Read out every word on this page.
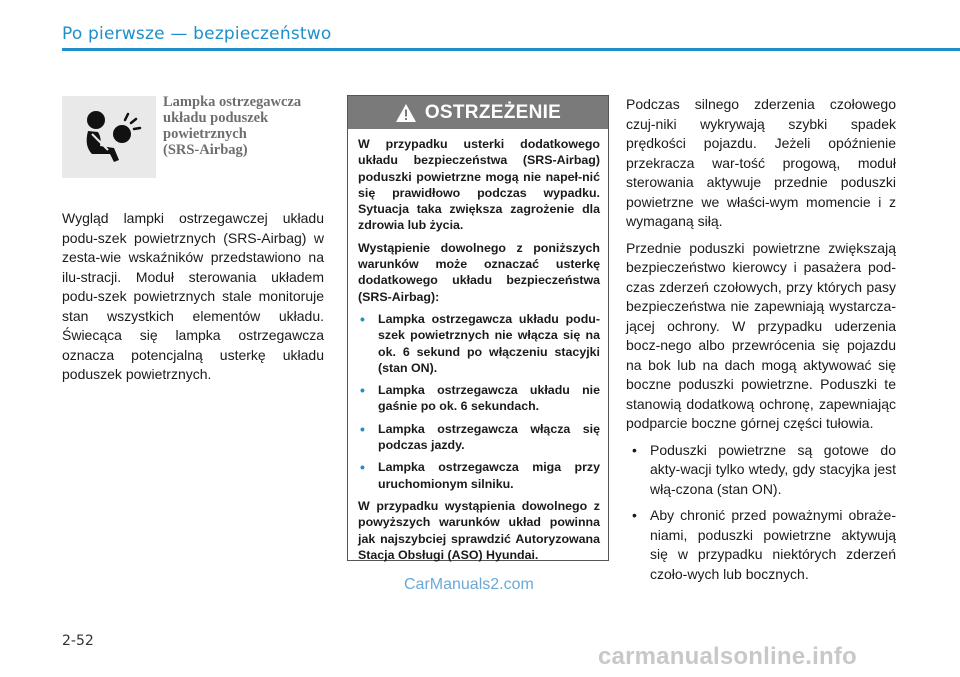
Po pierwsze — bezpieczeństwo
Lampka ostrzegawcza
układu poduszek
powietrznych
(SRS-Airbag)

Wygląd lampki ostrzegawczej układu podu-szek powietrznych (SRS-Airbag) w zesta-wie wskaźników przedstawiono na ilu-stracji. Moduł sterowania układem podu-szek powietrznych stale monitoruje stan wszystkich elementów układu. Świecąca się lampka ostrzegawcza oznacza potencjalną usterkę układu poduszek powietrznych.

OSTRZEŻENIE

W przypadku usterki dodatkowego układu bezpieczeństwa (SRS-Airbag) poduszki powietrzne mogą nie napeł-nić się prawidłowo podczas wypadku. Sytuacja taka zwiększa zagrożenie dla zdrowia lub życia.

Wystąpienie dowolnego z poniższych warunków może oznaczać usterkę dodatkowego układu bezpieczeństwa (SRS-Airbag):

• Lampka ostrzegawcza układu podu-szek powietrznych nie włącza się na ok. 6 sekund po włączeniu stacyjki (stan ON).
• Lampka ostrzegawcza układu nie gaśnie po ok. 6 sekundach.
• Lampka ostrzegawcza włącza się podczas jazdy.
• Lampka ostrzegawcza miga przy uruchomionym silniku.

W przypadku wystąpienia dowolnego z powyższych warunków układ powinna jak najszybciej sprawdzić Autoryzowana Stacja Obsługi (ASO) Hyundai.

Podczas silnego zderzenia czołowego czuj-niki wykrywają szybki spadek prędkości pojazdu. Jeżeli opóźnienie przekracza war-tość progową, moduł sterowania aktywuje przednie poduszki powietrzne we właści-wym momencie i z wymaganą siłą.

Przednie poduszki powietrzne zwiększają bezpieczeństwo kierowcy i pasażera pod-czas zderzeń czołowych, przy których pasy bezpieczeństwa nie zapewniają wystarcza-jącej ochrony. W przypadku uderzenia bocz-nego albo przewrócenia się pojazdu na bok lub na dach mogą aktywować się boczne poduszki powietrzne. Poduszki te stanowią dodatkową ochronę, zapewniając podparcie boczne górnej części tułowia.

• Poduszki powietrzne są gotowe do akty-wacji tylko wtedy, gdy stacyjka jest włą-czona (stan ON).
• Aby chronić przed poważnymi obraże-niami, poduszki powietrzne aktywują się w przypadku niektórych zderzeń czoło-wych lub bocznych.
CarManuals2.com
2-52
carmanualsonline.info
